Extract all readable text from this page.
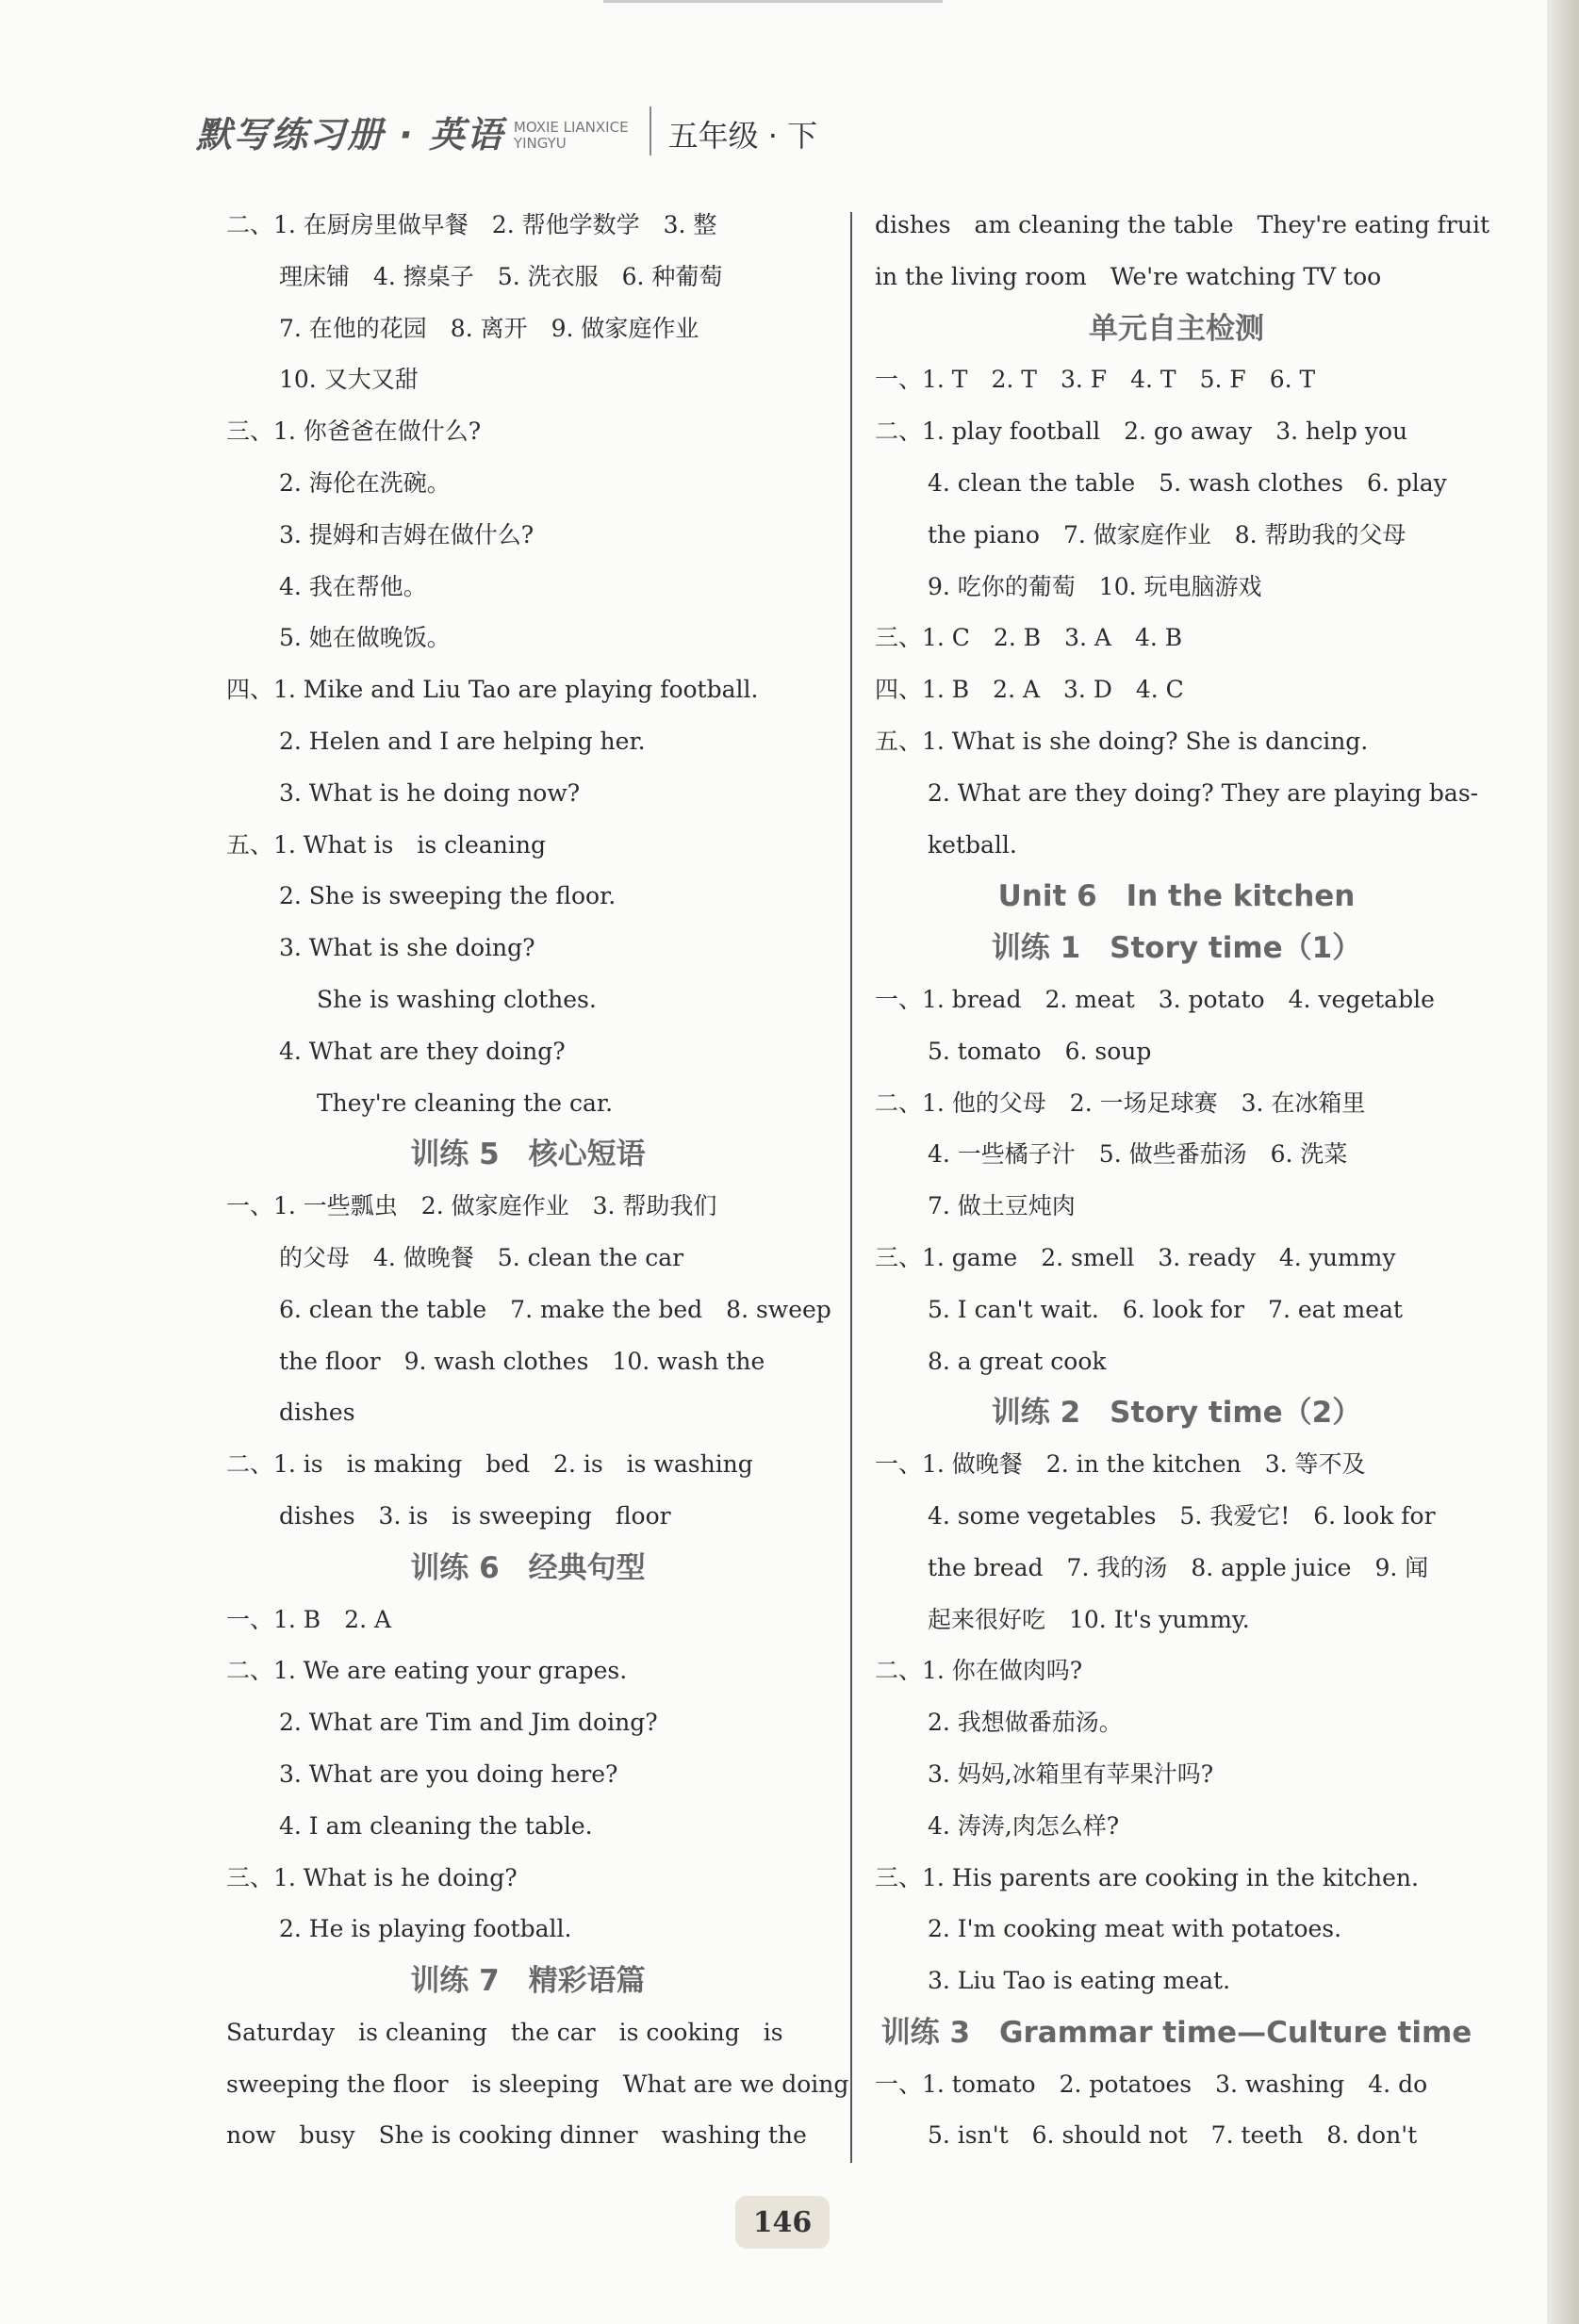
默写练习册 · 英语 MOXIE LIANXICE
YINGYU	五年级 · 下
二、1. 在厨房里做早餐　2. 帮他学数学　3. 整
理床铺　4. 擦桌子　5. 洗衣服　6. 种葡萄
7. 在他的花园　8. 离开　9. 做家庭作业
10. 又大又甜
三、1. 你爸爸在做什么?
2. 海伦在洗碗。
3. 提姆和吉姆在做什么?
4. 我在帮他。
5. 她在做晚饭。
四、1. Mike and Liu Tao are playing football.
2. Helen and I are helping her.
3. What is he doing now?
五、1. What is　is cleaning
2. She is sweeping the floor.
3. What is she doing?
She is washing clothes.
4. What are they doing?
They're cleaning the car.
训练 5　核心短语
一、1. 一些瓢虫　2. 做家庭作业　3. 帮助我们
的父母　4. 做晚餐　5. clean the car
6. clean the table　7. make the bed　8. sweep
the floor　9. wash clothes　10. wash the
dishes
二、1. is　is making　bed　2. is　is washing
dishes　3. is　is sweeping　floor
训练 6　经典句型
一、1. B　2. A
二、1. We are eating your grapes.
2. What are Tim and Jim doing?
3. What are you doing here?
4. I am cleaning the table.
三、1. What is he doing?
2. He is playing football.
训练 7　精彩语篇
Saturday　is cleaning　the car　is cooking　is
sweeping the floor　is sleeping　What are we doing
now　busy　She is cooking dinner　washing the
dishes　am cleaning the table　They're eating fruit
in the living room　We're watching TV too
单元自主检测
一、1. T　2. T　3. F　4. T　5. F　6. T
二、1. play football　2. go away　3. help you
4. clean the table　5. wash clothes　6. play
the piano　7. 做家庭作业　8. 帮助我的父母
9. 吃你的葡萄　10. 玩电脑游戏
三、1. C　2. B　3. A　4. B
四、1. B　2. A　3. D　4. C
五、1. What is she doing? She is dancing.
2. What are they doing? They are playing bas-
ketball.
Unit 6　In the kitchen
训练 1　Story time（1）
一、1. bread　2. meat　3. potato　4. vegetable
5. tomato　6. soup
二、1. 他的父母　2. 一场足球赛　3. 在冰箱里
4. 一些橘子汁　5. 做些番茄汤　6. 洗菜
7. 做土豆炖肉
三、1. game　2. smell　3. ready　4. yummy
5. I can't wait.　6. look for　7. eat meat
8. a great cook
训练 2　Story time（2）
一、1. 做晚餐　2. in the kitchen　3. 等不及
4. some vegetables　5. 我爱它!　6. look for
the bread　7. 我的汤　8. apple juice　9. 闻
起来很好吃　10. It's yummy.
二、1. 你在做肉吗?
2. 我想做番茄汤。
3. 妈妈,冰箱里有苹果汁吗?
4. 涛涛,肉怎么样?
三、1. His parents are cooking in the kitchen.
2. I'm cooking meat with potatoes.
3. Liu Tao is eating meat.
训练 3　Grammar time—Culture time
一、1. tomato　2. potatoes　3. washing　4. do
5. isn't　6. should not　7. teeth　8. don't
146
